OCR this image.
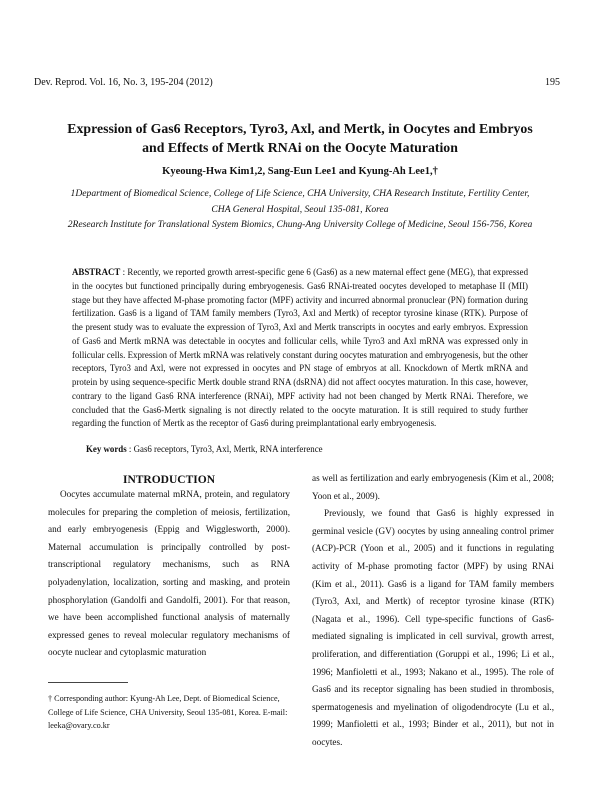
Dev. Reprod. Vol. 16, No. 3, 195-204 (2012)	195
Expression of Gas6 Receptors, Tyro3, Axl, and Mertk, in Oocytes and Embryos
and Effects of Mertk RNAi on the Oocyte Maturation
Kyeoung-Hwa Kim1,2, Sang-Eun Lee1 and Kyung-Ah Lee1,†
1Department of Biomedical Science, College of Life Science, CHA University, CHA Research Institute, Fertility Center, CHA General Hospital, Seoul 135-081, Korea
2Research Institute for Translational System Biomics, Chung-Ang University College of Medicine, Seoul 156-756, Korea
ABSTRACT : Recently, we reported growth arrest-specific gene 6 (Gas6) as a new maternal effect gene (MEG), that expressed in the oocytes but functioned principally during embryogenesis. Gas6 RNAi-treated oocytes developed to metaphase II (MII) stage but they have affected M-phase promoting factor (MPF) activity and incurred abnormal pronuclear (PN) formation during fertilization. Gas6 is a ligand of TAM family members (Tyro3, Axl and Mertk) of receptor tyrosine kinase (RTK). Purpose of the present study was to evaluate the expression of Tyro3, Axl and Mertk transcripts in oocytes and early embryos. Expression of Gas6 and Mertk mRNA was detectable in oocytes and follicular cells, while Tyro3 and Axl mRNA was expressed only in follicular cells. Expression of Mertk mRNA was relatively constant during oocytes maturation and embryogenesis, but the other receptors, Tyro3 and Axl, were not expressed in oocytes and PN stage of embryos at all. Knockdown of Mertk mRNA and protein by using sequence-specific Mertk double strand RNA (dsRNA) did not affect oocytes maturation. In this case, however, contrary to the ligand Gas6 RNA interference (RNAi), MPF activity had not been changed by Mertk RNAi. Therefore, we concluded that the Gas6-Mertk signaling is not directly related to the oocyte maturation. It is still required to study further regarding the function of Mertk as the receptor of Gas6 during preimplantational early embryogenesis.
Key words : Gas6 receptors, Tyro3, Axl, Mertk, RNA interference
INTRODUCTION

Oocytes accumulate maternal mRNA, protein, and regulatory molecules for preparing the completion of meiosis, fertilization, and early embryogenesis (Eppig and Wigglesworth, 2000). Maternal accumulation is principally controlled by post-transcriptional regulatory mechanisms, such as RNA polyadenylation, localization, sorting and masking, and protein phosphorylation (Gandolfi and Gandolfi, 2001). For that reason, we have been accomplished functional analysis of maternally expressed genes to reveal molecular regulatory mechanisms of oocyte nuclear and cytoplasmic maturation

as well as fertilization and early embryogenesis (Kim et al., 2008; Yoon et al., 2009).

Previously, we found that Gas6 is highly expressed in germinal vesicle (GV) oocytes by using annealing control primer (ACP)-PCR (Yoon et al., 2005) and it functions in regulating activity of M-phase promoting factor (MPF) by using RNAi (Kim et al., 2011). Gas6 is a ligand for TAM family members (Tyro3, Axl, and Mertk) of receptor tyrosine kinase (RTK) (Nagata et al., 1996). Cell type-specific functions of Gas6-mediated signaling is implicated in cell survival, growth arrest, proliferation, and differentiation (Goruppi et al., 1996; Li et al., 1996; Manfioletti et al., 1993; Nakano et al., 1995). The role of Gas6 and its receptor signaling has been studied in thrombosis, spermatogenesis and myelination of oligodendrocyte (Lu et al., 1999; Manfioletti et al., 1993; Binder et al., 2011), but not in oocytes.

† Corresponding author: Kyung-Ah Lee, Dept. of Biomedical Science, College of Life Science, CHA University, Seoul 135-081, Korea. E-mail: leeka@ovary.co.kr
